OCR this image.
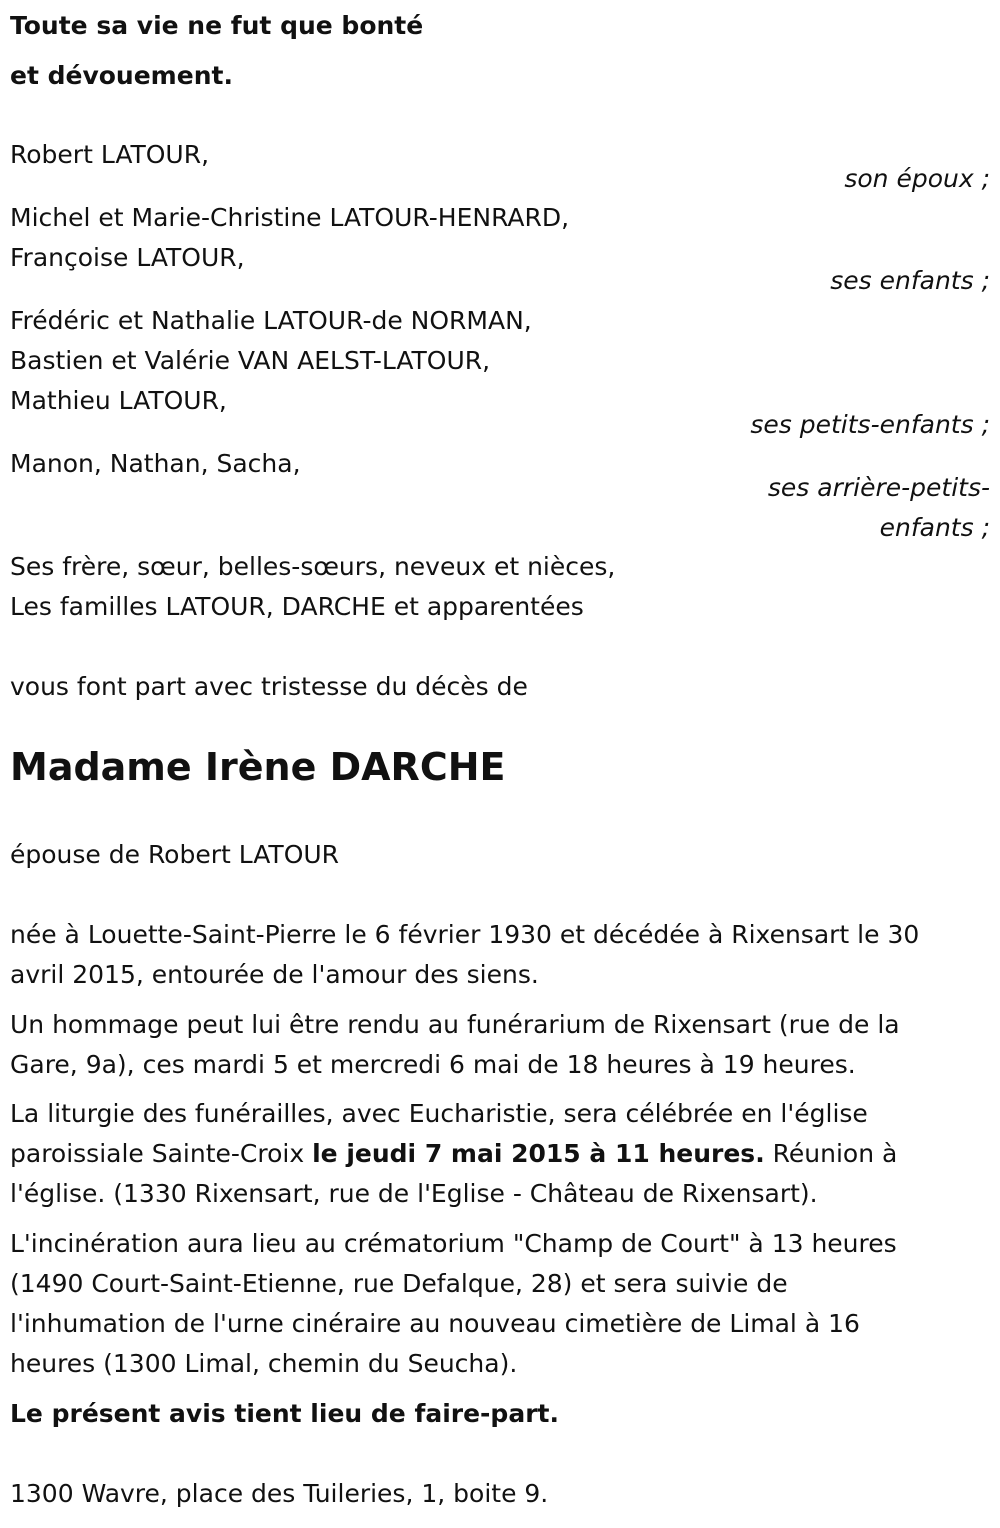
Toute sa vie ne fut que bonté
et dévouement.
Robert LATOUR,
son époux ;
Michel et Marie-Christine LATOUR-HENRARD,
Françoise LATOUR,
ses enfants ;
Frédéric et Nathalie LATOUR-de NORMAN,
Bastien et Valérie VAN AELST-LATOUR,
Mathieu LATOUR,
ses petits-enfants ;
Manon, Nathan, Sacha,
ses arrière-petits-
enfants ;
Ses frère, sœur, belles-sœurs, neveux et nièces,
Les familles LATOUR, DARCHE et apparentées
vous font part avec tristesse du décès de
Madame Irène DARCHE
épouse de Robert LATOUR
née à Louette-Saint-Pierre le 6 février 1930 et décédée à Rixensart le 30
avril 2015, entourée de l'amour des siens.
Un hommage peut lui être rendu au funérarium de Rixensart (rue de la
Gare, 9a), ces mardi 5 et mercredi 6 mai de 18 heures à 19 heures.
La liturgie des funérailles, avec Eucharistie, sera célébrée en l'église
paroissiale Sainte-Croix le jeudi 7 mai 2015 à 11 heures. Réunion à
l'église. (1330 Rixensart, rue de l'Eglise - Château de Rixensart).
L'incinération aura lieu au crématorium "Champ de Court" à 13 heures
(1490 Court-Saint-Etienne, rue Defalque, 28) et sera suivie de
l'inhumation de l'urne cinéraire au nouveau cimetière de Limal à 16
heures (1300 Limal, chemin du Seucha).
Le présent avis tient lieu de faire-part.
1300 Wavre, place des Tuileries, 1, boite 9.
